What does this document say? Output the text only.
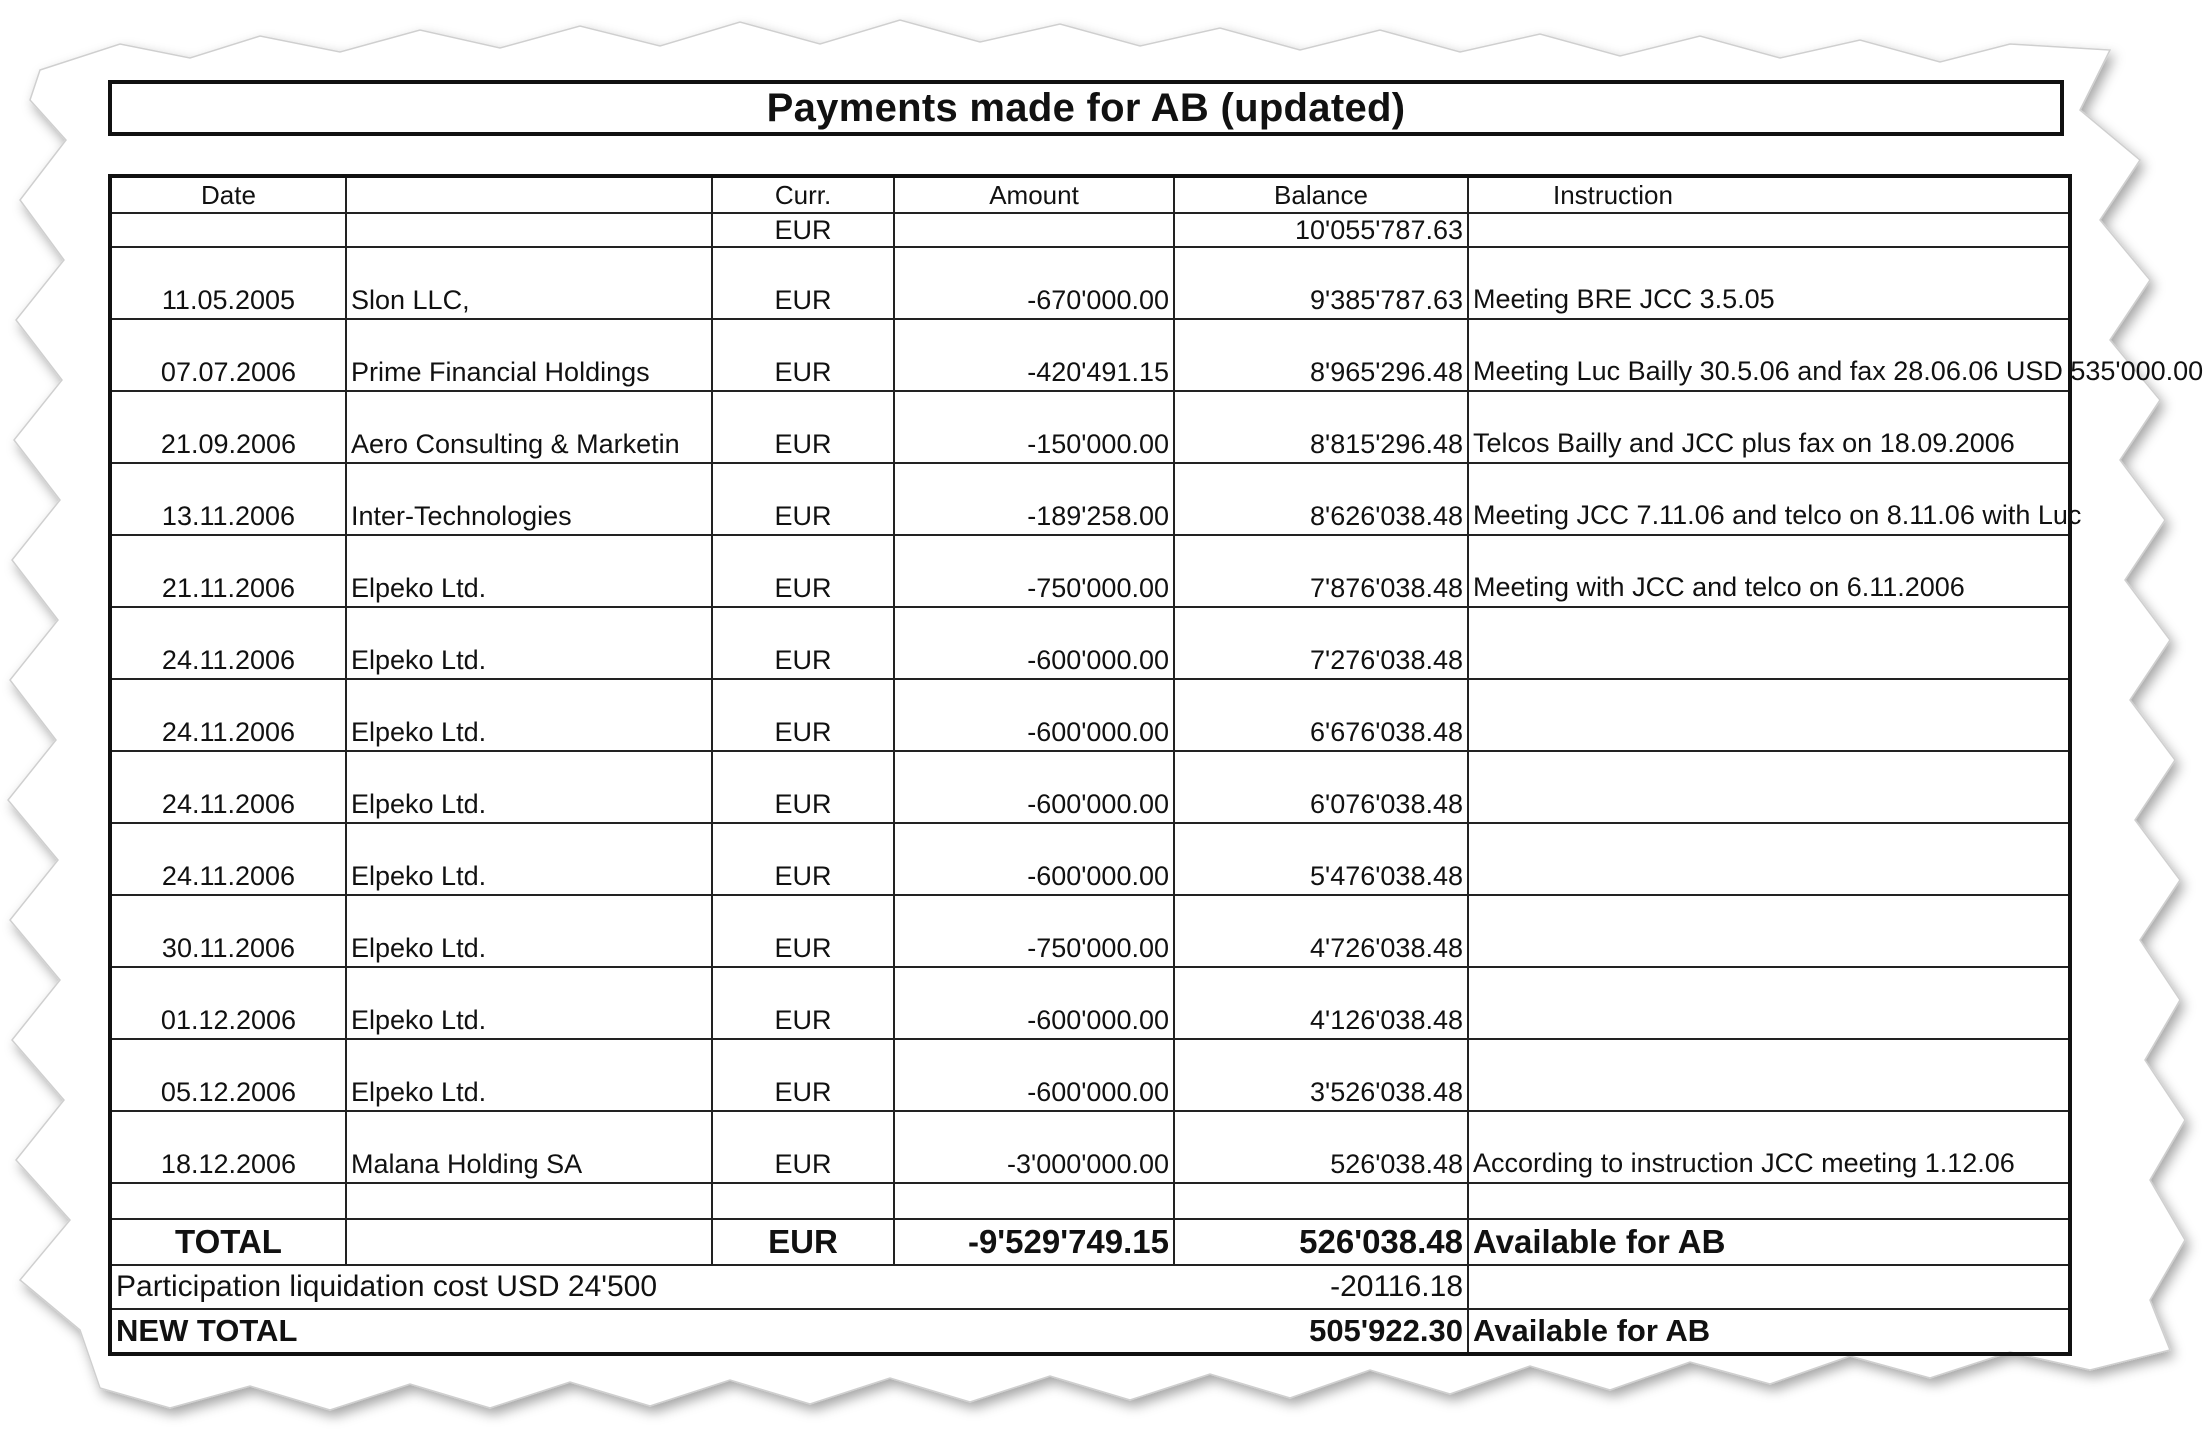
Payments made for AB (updated)
Date		Curr.	Amount	Balance	Instruction
		EUR		10'055'787.63	
11.05.2005	Slon LLC,	EUR	-670'000.00	9'385'787.63	Meeting BRE JCC 3.5.05
07.07.2006	Prime Financial Holdings	EUR	-420'491.15	8'965'296.48	Meeting Luc Bailly 30.5.06 and fax 28.06.06 USD 535'000.00
21.09.2006	Aero Consulting & Marketin	EUR	-150'000.00	8'815'296.48	Telcos Bailly and JCC plus fax on 18.09.2006
13.11.2006	Inter-Technologies	EUR	-189'258.00	8'626'038.48	Meeting JCC 7.11.06 and telco on 8.11.06 with Luc
21.11.2006	Elpeko Ltd.	EUR	-750'000.00	7'876'038.48	Meeting with JCC and telco on 6.11.2006
24.11.2006	Elpeko Ltd.	EUR	-600'000.00	7'276'038.48	
24.11.2006	Elpeko Ltd.	EUR	-600'000.00	6'676'038.48	
24.11.2006	Elpeko Ltd.	EUR	-600'000.00	6'076'038.48	
24.11.2006	Elpeko Ltd.	EUR	-600'000.00	5'476'038.48	
30.11.2006	Elpeko Ltd.	EUR	-750'000.00	4'726'038.48	
01.12.2006	Elpeko Ltd.	EUR	-600'000.00	4'126'038.48	
05.12.2006	Elpeko Ltd.	EUR	-600'000.00	3'526'038.48	
18.12.2006	Malana Holding SA	EUR	-3'000'000.00	526'038.48	According to instruction JCC meeting 1.12.06

TOTAL		EUR	-9'529'749.15	526'038.48	Available for AB
Participation liquidation cost USD 24'500				-20116.18	
NEW TOTAL				505'922.30	Available for AB
